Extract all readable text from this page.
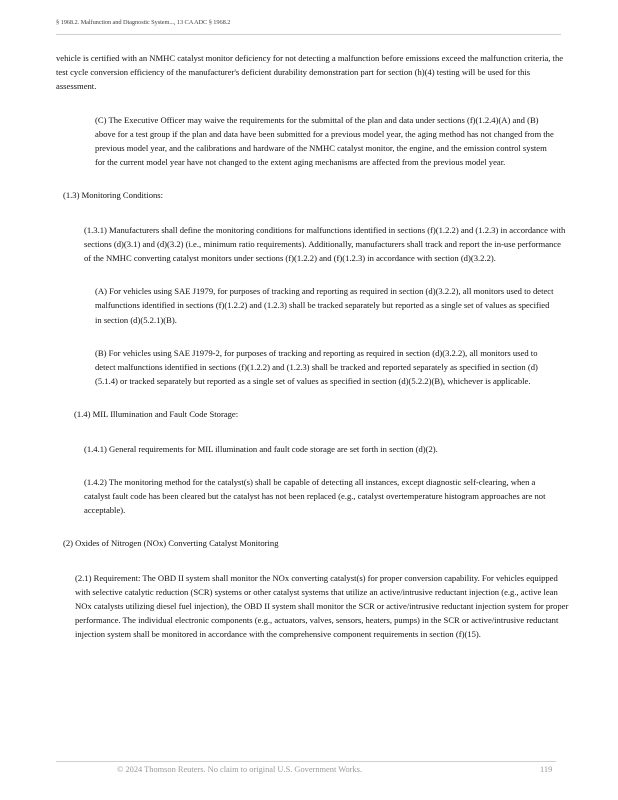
§ 1968.2. Malfunction and Diagnostic System..., 13 CA ADC § 1968.2

vehicle is certified with an NMHC catalyst monitor deficiency for not detecting a malfunction before emissions exceed the malfunction criteria, the test cycle conversion efficiency of the manufacturer's deficient durability demonstration part for section (h)(4) testing will be used for this assessment.

(C) The Executive Officer may waive the requirements for the submittal of the plan and data under sections (f)(1.2.4)(A) and (B) above for a test group if the plan and data have been submitted for a previous model year, the aging method has not changed from the previous model year, and the calibrations and hardware of the NMHC catalyst monitor, the engine, and the emission control system for the current model year have not changed to the extent aging mechanisms are affected from the previous model year.

(1.3) Monitoring Conditions:

(1.3.1) Manufacturers shall define the monitoring conditions for malfunctions identified in sections (f)(1.2.2) and (1.2.3) in accordance with sections (d)(3.1) and (d)(3.2) (i.e., minimum ratio requirements). Additionally, manufacturers shall track and report the in-use performance of the NMHC converting catalyst monitors under sections (f)(1.2.2) and (f)(1.2.3) in accordance with section (d)(3.2.2).

(A) For vehicles using SAE J1979, for purposes of tracking and reporting as required in section (d)(3.2.2), all monitors used to detect malfunctions identified in sections (f)(1.2.2) and (1.2.3) shall be tracked separately but reported as a single set of values as specified in section (d)(5.2.1)(B).

(B) For vehicles using SAE J1979-2, for purposes of tracking and reporting as required in section (d)(3.2.2), all monitors used to detect malfunctions identified in sections (f)(1.2.2) and (1.2.3) shall be tracked and reported separately as specified in section (d)(5.1.4) or tracked separately but reported as a single set of values as specified in section (d)(5.2.2)(B), whichever is applicable.

(1.4) MIL Illumination and Fault Code Storage:

(1.4.1) General requirements for MIL illumination and fault code storage are set forth in section (d)(2).

(1.4.2) The monitoring method for the catalyst(s) shall be capable of detecting all instances, except diagnostic self-clearing, when a catalyst fault code has been cleared but the catalyst has not been replaced (e.g., catalyst overtemperature histogram approaches are not acceptable).

(2) Oxides of Nitrogen (NOx) Converting Catalyst Monitoring

(2.1) Requirement: The OBD II system shall monitor the NOx converting catalyst(s) for proper conversion capability. For vehicles equipped with selective catalytic reduction (SCR) systems or other catalyst systems that utilize an active/intrusive reductant injection (e.g., active lean NOx catalysts utilizing diesel fuel injection), the OBD II system shall monitor the SCR or active/intrusive reductant injection system for proper performance. The individual electronic components (e.g., actuators, valves, sensors, heaters, pumps) in the SCR or active/intrusive reductant injection system shall be monitored in accordance with the comprehensive component requirements in section (f)(15).

© 2024 Thomson Reuters. No claim to original U.S. Government Works.	119
